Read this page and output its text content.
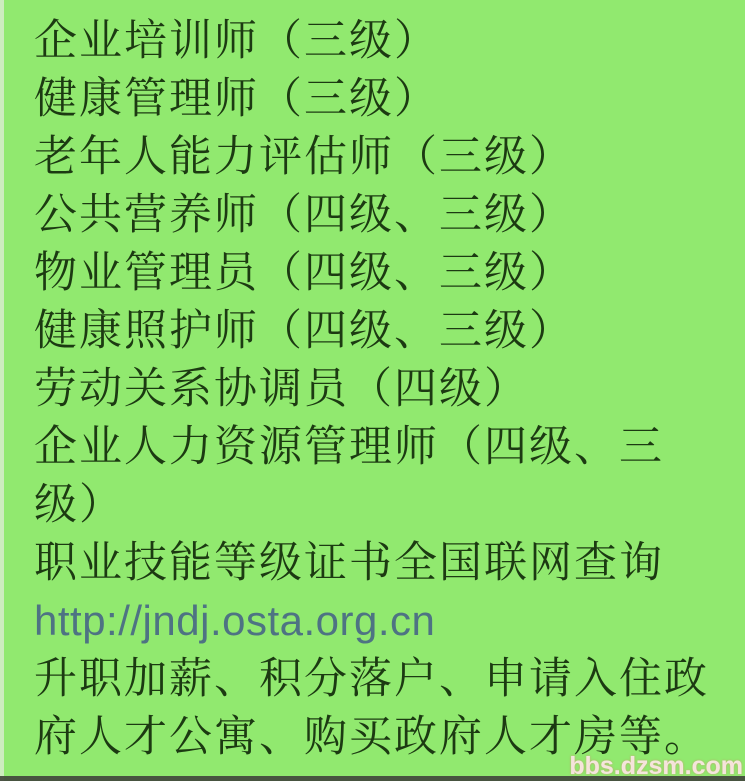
企业培训师（三级）
健康管理师（三级）
老年人能力评估师（三级）
公共营养师（四级、三级）
物业管理员（四级、三级）
健康照护师（四级、三级）
劳动关系协调员（四级）
企业人力资源管理师（四级、三
级）
职业技能等级证书全国联网查询
http://jndj.osta.org.cn
升职加薪、积分落户、申请入住政
府人才公寓、购买政府人才房等。
bbs.dzsm.com
